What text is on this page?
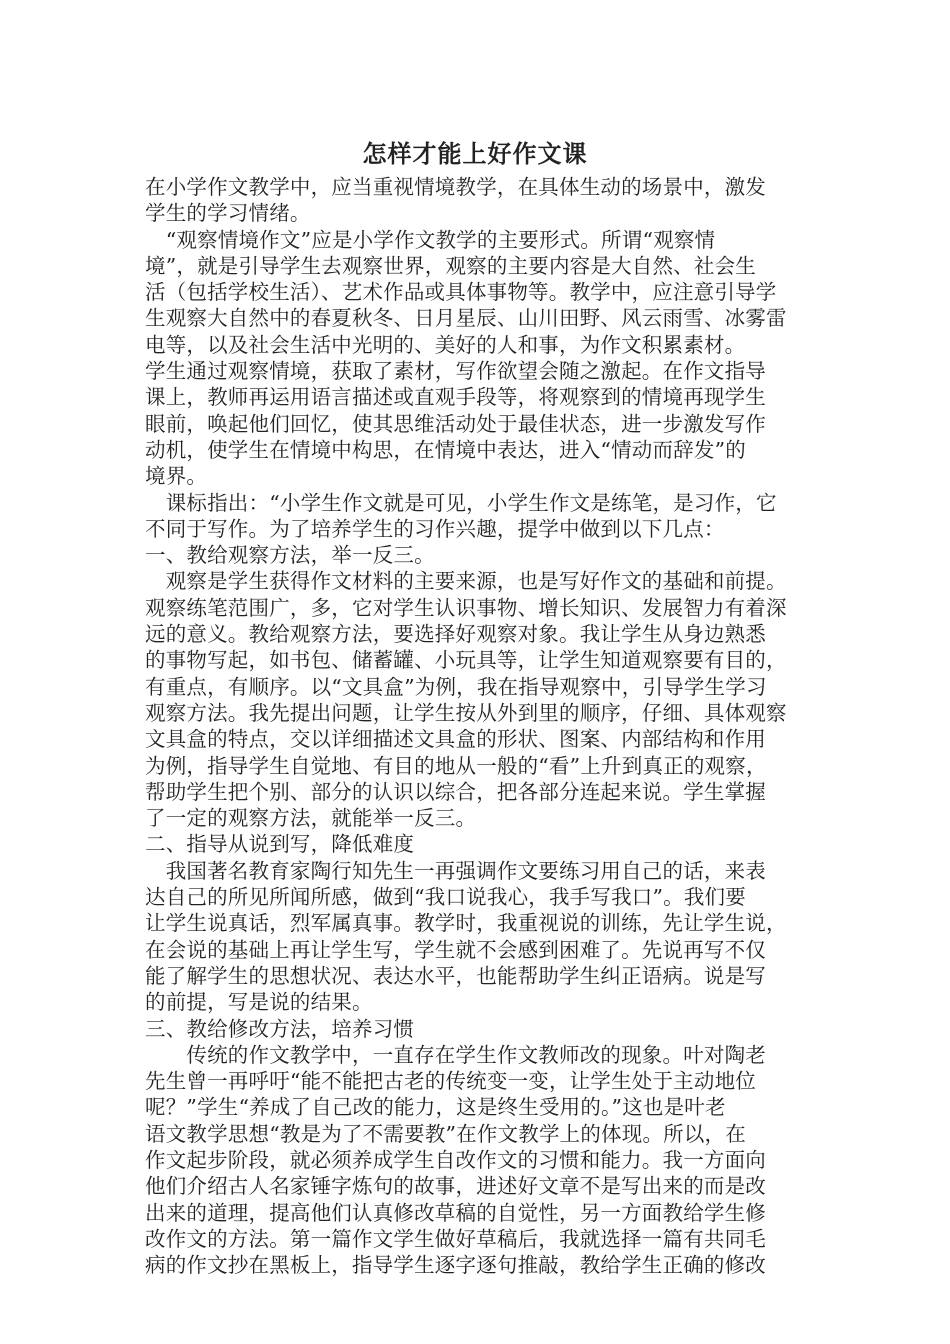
怎样才能上好作文课
在小学作文教学中，应当重视情境教学，在具体生动的场景中，激发
学生的学习情绪。
　“观察情境作文”应是小学作文教学的主要形式。所谓“观察情
境”，就是引导学生去观察世界，观察的主要内容是大自然、社会生
活（包括学校生活）、艺术作品或具体事物等。教学中，应注意引导学
生观察大自然中的春夏秋冬、日月星辰、山川田野、风云雨雪、冰雾雷
电等，以及社会生活中光明的、美好的人和事，为作文积累素材。
学生通过观察情境，获取了素材，写作欲望会随之激起。在作文指导
课上，教师再运用语言描述或直观手段等，将观察到的情境再现学生
眼前，唤起他们回忆，使其思维活动处于最佳状态，进一步激发写作
动机，使学生在情境中构思，在情境中表达，进入“情动而辞发”的
境界。
　课标指出：“小学生作文就是可见，小学生作文是练笔，是习作，它
不同于写作。为了培养学生的习作兴趣，提学中做到以下几点：
一、教给观察方法，举一反三。
　观察是学生获得作文材料的主要来源，也是写好作文的基础和前提。
观察练笔范围广，多，它对学生认识事物、增长知识、发展智力有着深
远的意义。教给观察方法，要选择好观察对象。我让学生从身边熟悉
的事物写起，如书包、储蓄罐、小玩具等，让学生知道观察要有目的，
有重点，有顺序。以“文具盒”为例，我在指导观察中，引导学生学习
观察方法。我先提出问题，让学生按从外到里的顺序，仔细、具体观察
文具盒的特点，交以详细描述文具盒的形状、图案、内部结构和作用
为例，指导学生自觉地、有目的地从一般的“看”上升到真正的观察，
帮助学生把个别、部分的认识以综合，把各部分连起来说。学生掌握
了一定的观察方法，就能举一反三。
二、指导从说到写，降低难度
　我国著名教育家陶行知先生一再强调作文要练习用自己的话，来表
达自己的所见所闻所感，做到“我口说我心，我手写我口”。我们要
让学生说真话，烈军属真事。教学时，我重视说的训练，先让学生说，
在会说的基础上再让学生写，学生就不会感到困难了。先说再写不仅
能了解学生的思想状况、表达水平，也能帮助学生纠正语病。说是写
的前提，写是说的结果。
三、教给修改方法，培养习惯
　　传统的作文教学中，一直存在学生作文教师改的现象。叶对陶老
先生曾一再呼吁“能不能把古老的传统变一变，让学生处于主动地位
呢？”学生“养成了自己改的能力，这是终生受用的。”这也是叶老
语文教学思想“教是为了不需要教”在作文教学上的体现。所以，在
作文起步阶段，就必须养成学生自改作文的习惯和能力。我一方面向
他们介绍古人名家锤字炼句的故事，进述好文章不是写出来的而是改
出来的道理，提高他们认真修改草稿的自觉性，另一方面教给学生修
改作文的方法。第一篇作文学生做好草稿后，我就选择一篇有共同毛
病的作文抄在黑板上，指导学生逐字逐句推敲，教给学生正确的修改
